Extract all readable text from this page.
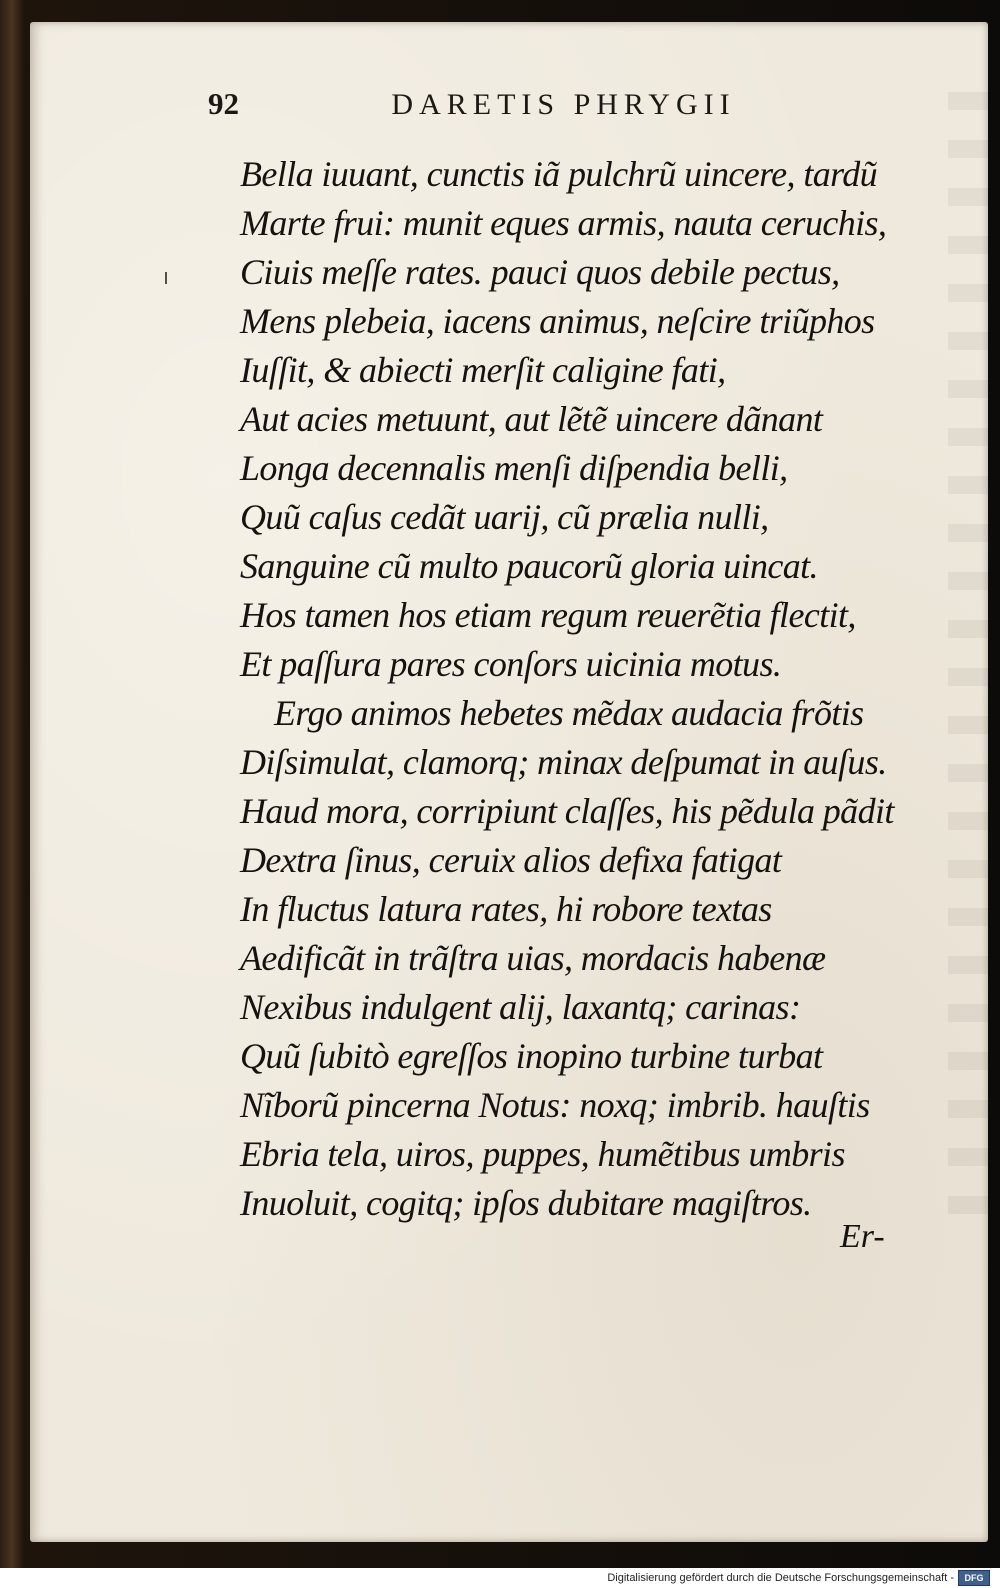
92	DARETIS PHRYGII
Bella iuuant, cunctis iã pulchrũ uincere, tardũ
Marte frui: munit eques armis, nauta ceruchis,
Ciuis meſſe rates. pauci quos debile pectus,
Mens plebeia, iacens animus, neſcire triũphos
Iuſſit, & abiecti merſit caligine fati,
Aut acies metuunt, aut lẽtẽ uincere dãnant
Longa decennalis menſi diſpendia belli,
Quũ caſus cedãt uarij, cũ prælia nulli,
Sanguine cũ multo paucorũ gloria uincat.
Hos tamen hos etiam regum reuerẽtia flectit,
Et paſſura pares conſors uicinia motus.
Ergo animos hebetes mẽdax audacia frõtis
Diſsimulat, clamorq; minax deſpumat in auſus.
Haud mora, corripiunt claſſes, his pẽdula pãdit
Dextra ſinus, ceruix alios defixa fatigat
In fluctus latura rates, hi robore textas
Aedificãt in trãſtra uias, mordacis habenæ
Nexibus indulgent alij, laxantq; carinas:
Quũ ſubitò egreſſos inopino turbine turbat
Nĩborũ pincerna Notus: noxq; imbrib. hauſtis
Ebria tela, uiros, puppes, humẽtibus umbris
Inuoluit, cogitq; ipſos dubitare magiſtros.
Er-
Digitalisierung gefördert durch die Deutsche Forschungsgemeinschaft -	DFG
